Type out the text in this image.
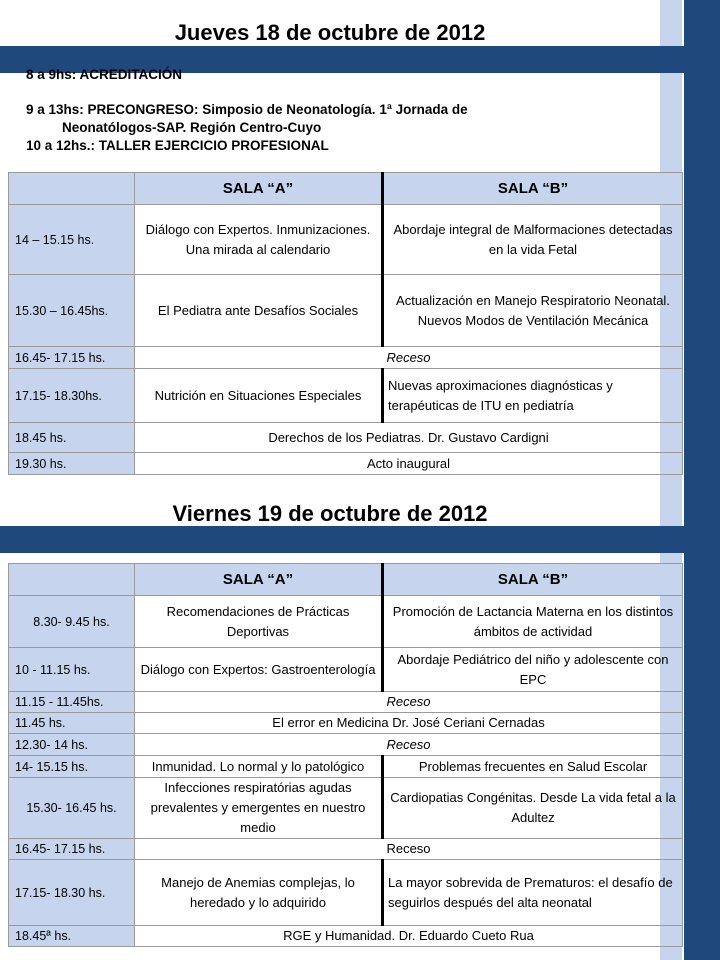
Jueves 18 de octubre de 2012

8 a 9hs: ACREDITACIÓN

9 a 13hs: PRECONGRESO: Simposio de Neonatología. 1ª Jornada de

Neonatólogos-SAP. Región Centro-Cuyo

10 a 12hs.: TALLER EJERCICIO PROFESIONAL

	SALA “A”	SALA “B”
14 – 15.15 hs.	Diálogo con Expertos. Inmunizaciones. Una mirada al calendario	Abordaje integral de Malformaciones detectadas en la vida Fetal
15.30 – 16.45hs.	El Pediatra ante Desafíos Sociales	Actualización en Manejo Respiratorio Neonatal. Nuevos Modos de Ventilación Mecánica
16.45- 17.15 hs.	Receso	
17.15- 18.30hs.	Nutrición en Situaciones Especiales	Nuevas aproximaciones diagnósticas y terapéuticas de ITU en pediatría
18.45 hs.	Derechos de los Pediatras. Dr. Gustavo Cardigni	
19.30 hs.	Acto inaugural	
Viernes 19 de octubre de 2012
	SALA “A”	SALA “B”
8.30- 9.45 hs.	Recomendaciones de Prácticas Deportivas	Promoción de Lactancia Materna en los distintos ámbitos de actividad
10 - 11.15 hs.	Diálogo con Expertos: Gastroenterología	Abordaje Pediátrico del niño y adolescente con EPC
11.15 - 11.45hs.	Receso	
11.45 hs.	El error en Medicina Dr. José Ceriani Cernadas	
12.30- 14 hs.	Receso	
14- 15.15 hs.	Inmunidad. Lo normal y lo patológico	Problemas frecuentes en Salud Escolar
15.30- 16.45 hs.	Infecciones respiratórias agudas prevalentes y emergentes en nuestro medio	Cardiopatias Congénitas. Desde La vida fetal a la Adultez
16.45- 17.15 hs.	Receso	
17.15- 18.30 hs.	Manejo de Anemias complejas, lo heredado y lo adquirido	La mayor sobrevida de Prematuros: el desafío de seguirlos después del alta neonatal
18.45ª hs.	RGE y Humanidad. Dr. Eduardo Cueto Rua	
